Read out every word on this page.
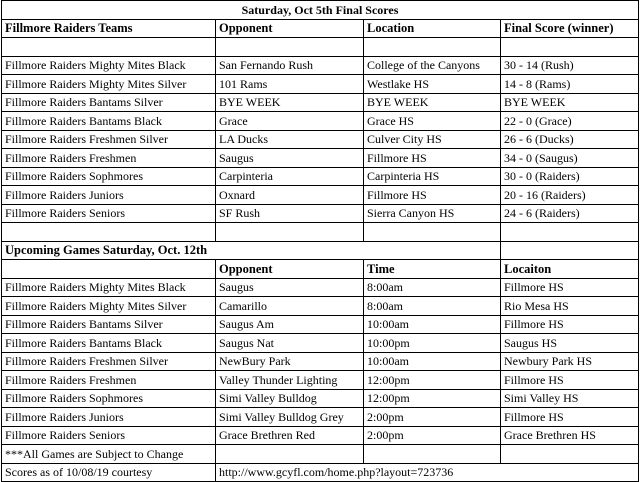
Saturday, Oct 5th Final Scores			
Fillmore Raiders Teams	Opponent	Location	Final Score (winner)

Fillmore Raiders Mighty Mites Black	San Fernando Rush	College of the Canyons	30 - 14 (Rush)
Fillmore Raiders Mighty Mites Silver	101 Rams	Westlake HS	14 - 8 (Rams)
Fillmore Raiders Bantams Silver	BYE WEEK	BYE WEEK	BYE WEEK
Fillmore Raiders Bantams Black	Grace	Grace HS	22 - 0 (Grace)
Fillmore Raiders Freshmen Silver	LA Ducks	Culver City HS	26 - 6 (Ducks)
Fillmore Raiders Freshmen	Saugus	Fillmore HS	34 - 0 (Saugus)
Fillmore Raiders Sophmores	Carpinteria	Carpinteria HS	30 - 0 (Raiders)
Fillmore Raiders Juniors	Oxnard	Fillmore HS	20 - 16 (Raiders)
Fillmore Raiders Seniors	SF Rush	Sierra Canyon HS	24 - 6 (Raiders)

Upcoming Games Saturday, Oct. 12th			
	Opponent	Time	Locaiton
Fillmore Raiders Mighty Mites Black	Saugus	8:00am	Fillmore HS
Fillmore Raiders Mighty Mites Silver	Camarillo	8:00am	Rio Mesa HS
Fillmore Raiders Bantams Silver	Saugus Am	10:00am	Fillmore HS
Fillmore Raiders Bantams Black	Saugus Nat	10:00pm	Saugus HS
Fillmore Raiders Freshmen Silver	NewBury Park	10:00am	Newbury Park HS
Fillmore Raiders Freshmen	Valley Thunder Lighting	12:00pm	Fillmore HS
Fillmore Raiders Sophmores	Simi Valley Bulldog	12:00pm	Simi Valley HS
Fillmore Raiders Juniors	Simi Valley Bulldog Grey	2:00pm	Fillmore HS
Fillmore Raiders Seniors	Grace Brethren Red	2:00pm	Grace Brethren HS
***All Games are Subject to Change			
Scores as of 10/08/19 courtesy	http://www.gcyfl.com/home.php?layout=723736		
